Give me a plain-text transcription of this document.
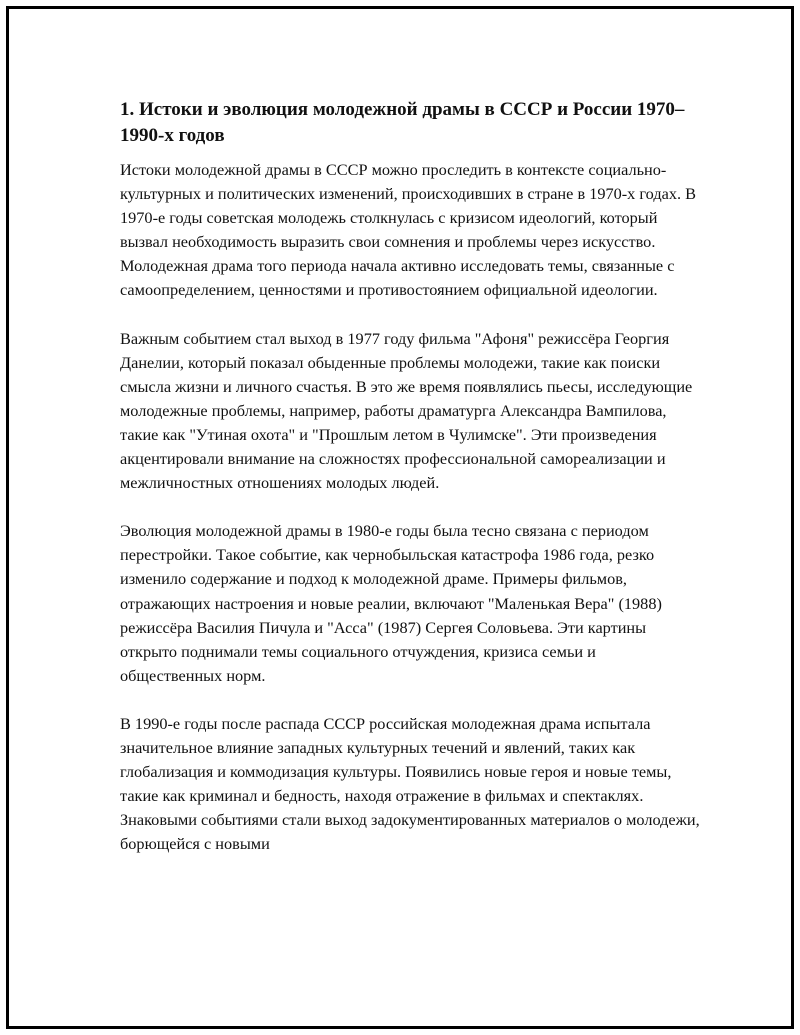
1. Истоки и эволюция молодежной драмы в СССР и России 1970–1990-х годов

Истоки молодежной драмы в СССР можно проследить в контексте социально-культурных и политических изменений, происходивших в стране в 1970-х годах. В 1970-е годы советская молодежь столкнулась с кризисом идеологий, который вызвал необходимость выразить свои сомнения и проблемы через искусство. Молодежная драма того периода начала активно исследовать темы, связанные с самоопределением, ценностями и противостоянием официальной идеологии.

Важным событием стал выход в 1977 году фильма "Афоня" режиссёра Георгия Данелии, который показал обыденные проблемы молодежи, такие как поиски смысла жизни и личного счастья. В это же время появлялись пьесы, исследующие молодежные проблемы, например, работы драматурга Александра Вампилова, такие как "Утиная охота" и "Прошлым летом в Чулимске". Эти произведения акцентировали внимание на сложностях профессиональной самореализации и межличностных отношениях молодых людей.

Эволюция молодежной драмы в 1980-е годы была тесно связана с периодом перестройки. Такое событие, как чернобыльская катастрофа 1986 года, резко изменило содержание и подход к молодежной драме. Примеры фильмов, отражающих настроения и новые реалии, включают "Маленькая Вера" (1988) режиссёра Василия Пичула и "Асса" (1987) Сергея Соловьева. Эти картины открыто поднимали темы социального отчуждения, кризиса семьи и общественных норм.

В 1990-е годы после распада СССР российская молодежная драма испытала значительное влияние западных культурных течений и явлений, таких как глобализация и коммодизация культуры. Появились новые героя и новые темы, такие как криминал и бедность, находя отражение в фильмах и спектаклях. Знаковыми событиями стали выход задокументированных материалов о молодежи, борющейся с новыми
